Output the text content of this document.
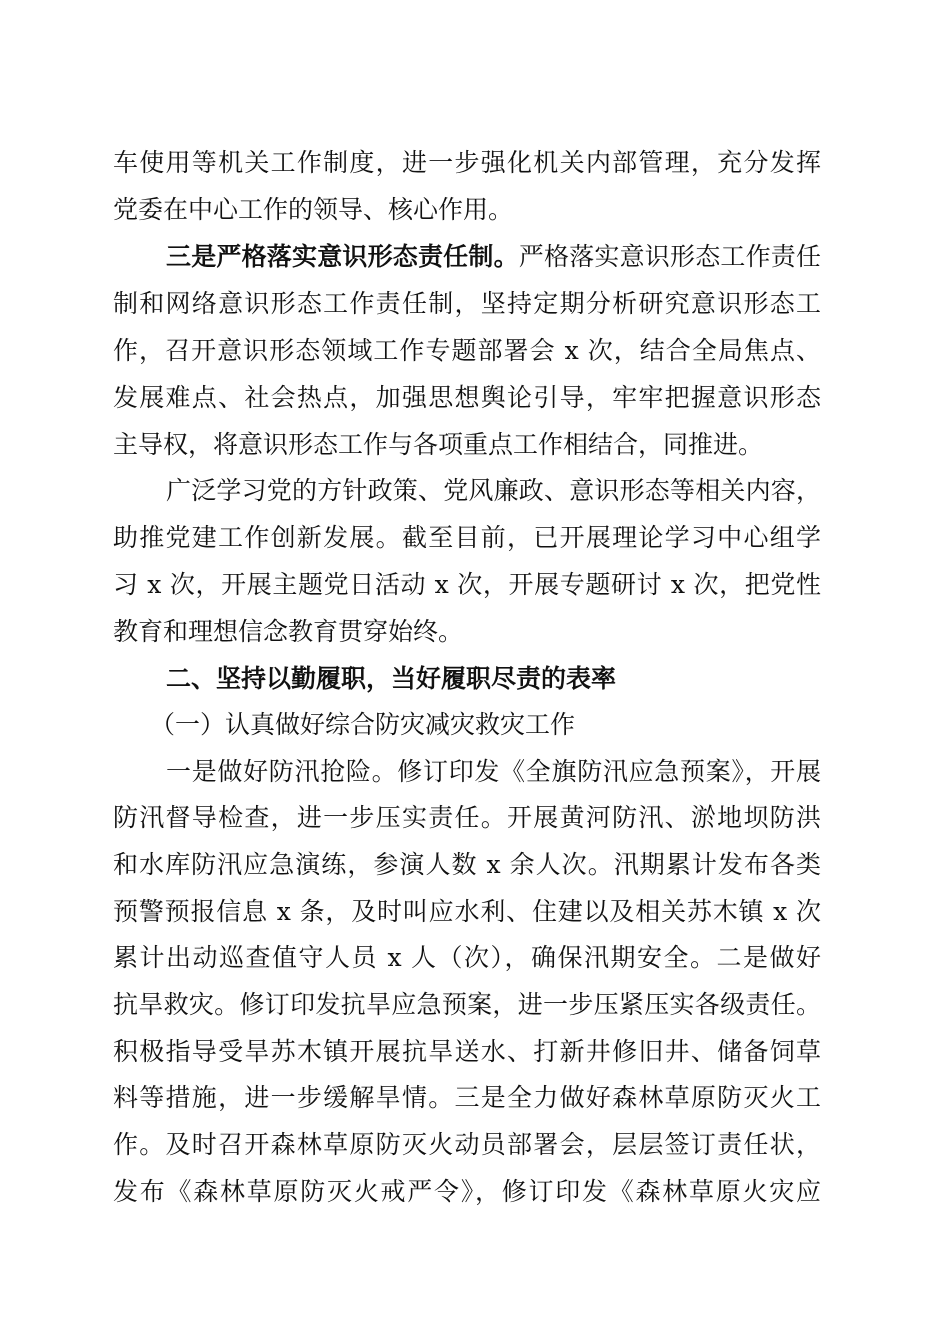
车使用等机关工作制度，进一步强化机关内部管理，充分发挥
党委在中心工作的领导、核心作用。
三是严格落实意识形态责任制。严格落实意识形态工作责任
制和网络意识形态工作责任制，坚持定期分析研究意识形态工
作，召开意识形态领域工作专题部署会 x 次，结合全局焦点、
发展难点、社会热点，加强思想舆论引导，牢牢把握意识形态
主导权，将意识形态工作与各项重点工作相结合，同推进。
广泛学习党的方针政策、党风廉政、意识形态等相关内容，
助推党建工作创新发展。截至目前，已开展理论学习中心组学
习 x 次，开展主题党日活动 x 次，开展专题研讨 x 次，把党性
教育和理想信念教育贯穿始终。
二、坚持以勤履职，当好履职尽责的表率
（一）认真做好综合防灾减灾救灾工作
一是做好防汛抢险。修订印发《全旗防汛应急预案》，开展
防汛督导检查，进一步压实责任。开展黄河防汛、淤地坝防洪
和水库防汛应急演练，参演人数 x 余人次。汛期累计发布各类
预警预报信息 x 条，及时叫应水利、住建以及相关苏木镇 x 次
累计出动巡查值守人员 x 人（次），确保汛期安全。二是做好
抗旱救灾。修订印发抗旱应急预案，进一步压紧压实各级责任。
积极指导受旱苏木镇开展抗旱送水、打新井修旧井、储备饲草
料等措施，进一步缓解旱情。三是全力做好森林草原防灭火工
作。及时召开森林草原防灭火动员部署会，层层签订责任状，
发布《森林草原防灭火戒严令》，修订印发《森林草原火灾应
